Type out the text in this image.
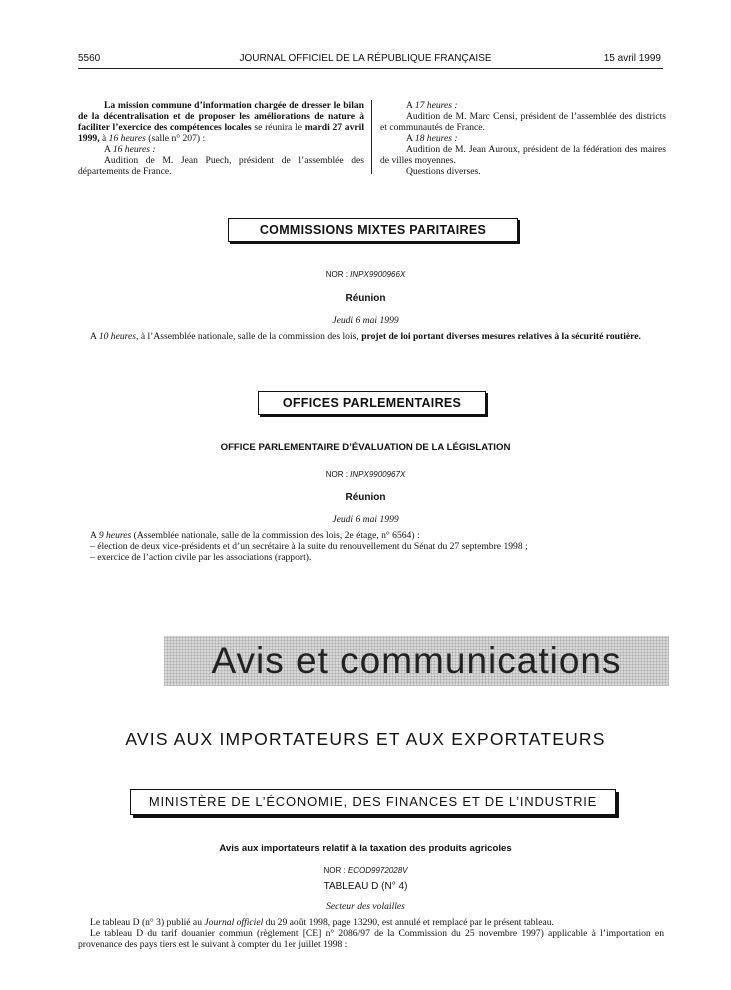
5560	JOURNAL OFFICIEL DE LA RÉPUBLIQUE FRANÇAISE	15 avril 1999

La mission commune d’information chargée de dresser le bilan de la décentralisation et de proposer les améliorations de nature à faciliter l’exercice des compétences locales se réunira le mardi 27 avril 1999, à 16 heures (salle n° 207) :

A 16 heures :

Audition de M. Jean Puech, président de l’assemblée des départements de France.

A 17 heures :

Audition de M. Marc Censi, président de l’assemblée des districts et communautés de France.

A 18 heures :

Audition de M. Jean Auroux, président de la fédération des maires de villes moyennes.

Questions diverses.

COMMISSIONS MIXTES PARITAIRES
NOR : INPX9900966X
Réunion
Jeudi 6 mai 1999
A 10 heures, à l’Assemblée nationale, salle de la commission des lois, projet de loi portant diverses mesures relatives à la sécurité routière.
OFFICES PARLEMENTAIRES
OFFICE PARLEMENTAIRE D’ÉVALUATION DE LA LÉGISLATION
NOR : INPX9900967X
Réunion
Jeudi 6 mai 1999
A 9 heures (Assemblée nationale, salle de la commission des lois, 2e étage, n° 6564) :
– élection de deux vice-présidents et d’un secrétaire à la suite du renouvellement du Sénat du 27 septembre 1998 ;
– exercice de l’action civile par les associations (rapport).
Avis et communications
AVIS AUX IMPORTATEURS ET AUX EXPORTATEURS
MINISTÈRE DE L’ÉCONOMIE, DES FINANCES ET DE L’INDUSTRIE
Avis aux importateurs relatif à la taxation des produits agricoles
NOR : ECOD9972028V
TABLEAU D (N° 4)
Secteur des volailles
Le tableau D (n° 3) publié au Journal officiel du 29 août 1998, page 13290, est annulé et remplacé par le présent tableau.
Le tableau D du tarif douanier commun (règlement [CE] n° 2086/97 de la Commission du 25 novembre 1997) applicable à l’importation en provenance des pays tiers est le suivant à compter du 1er juillet 1998 :
